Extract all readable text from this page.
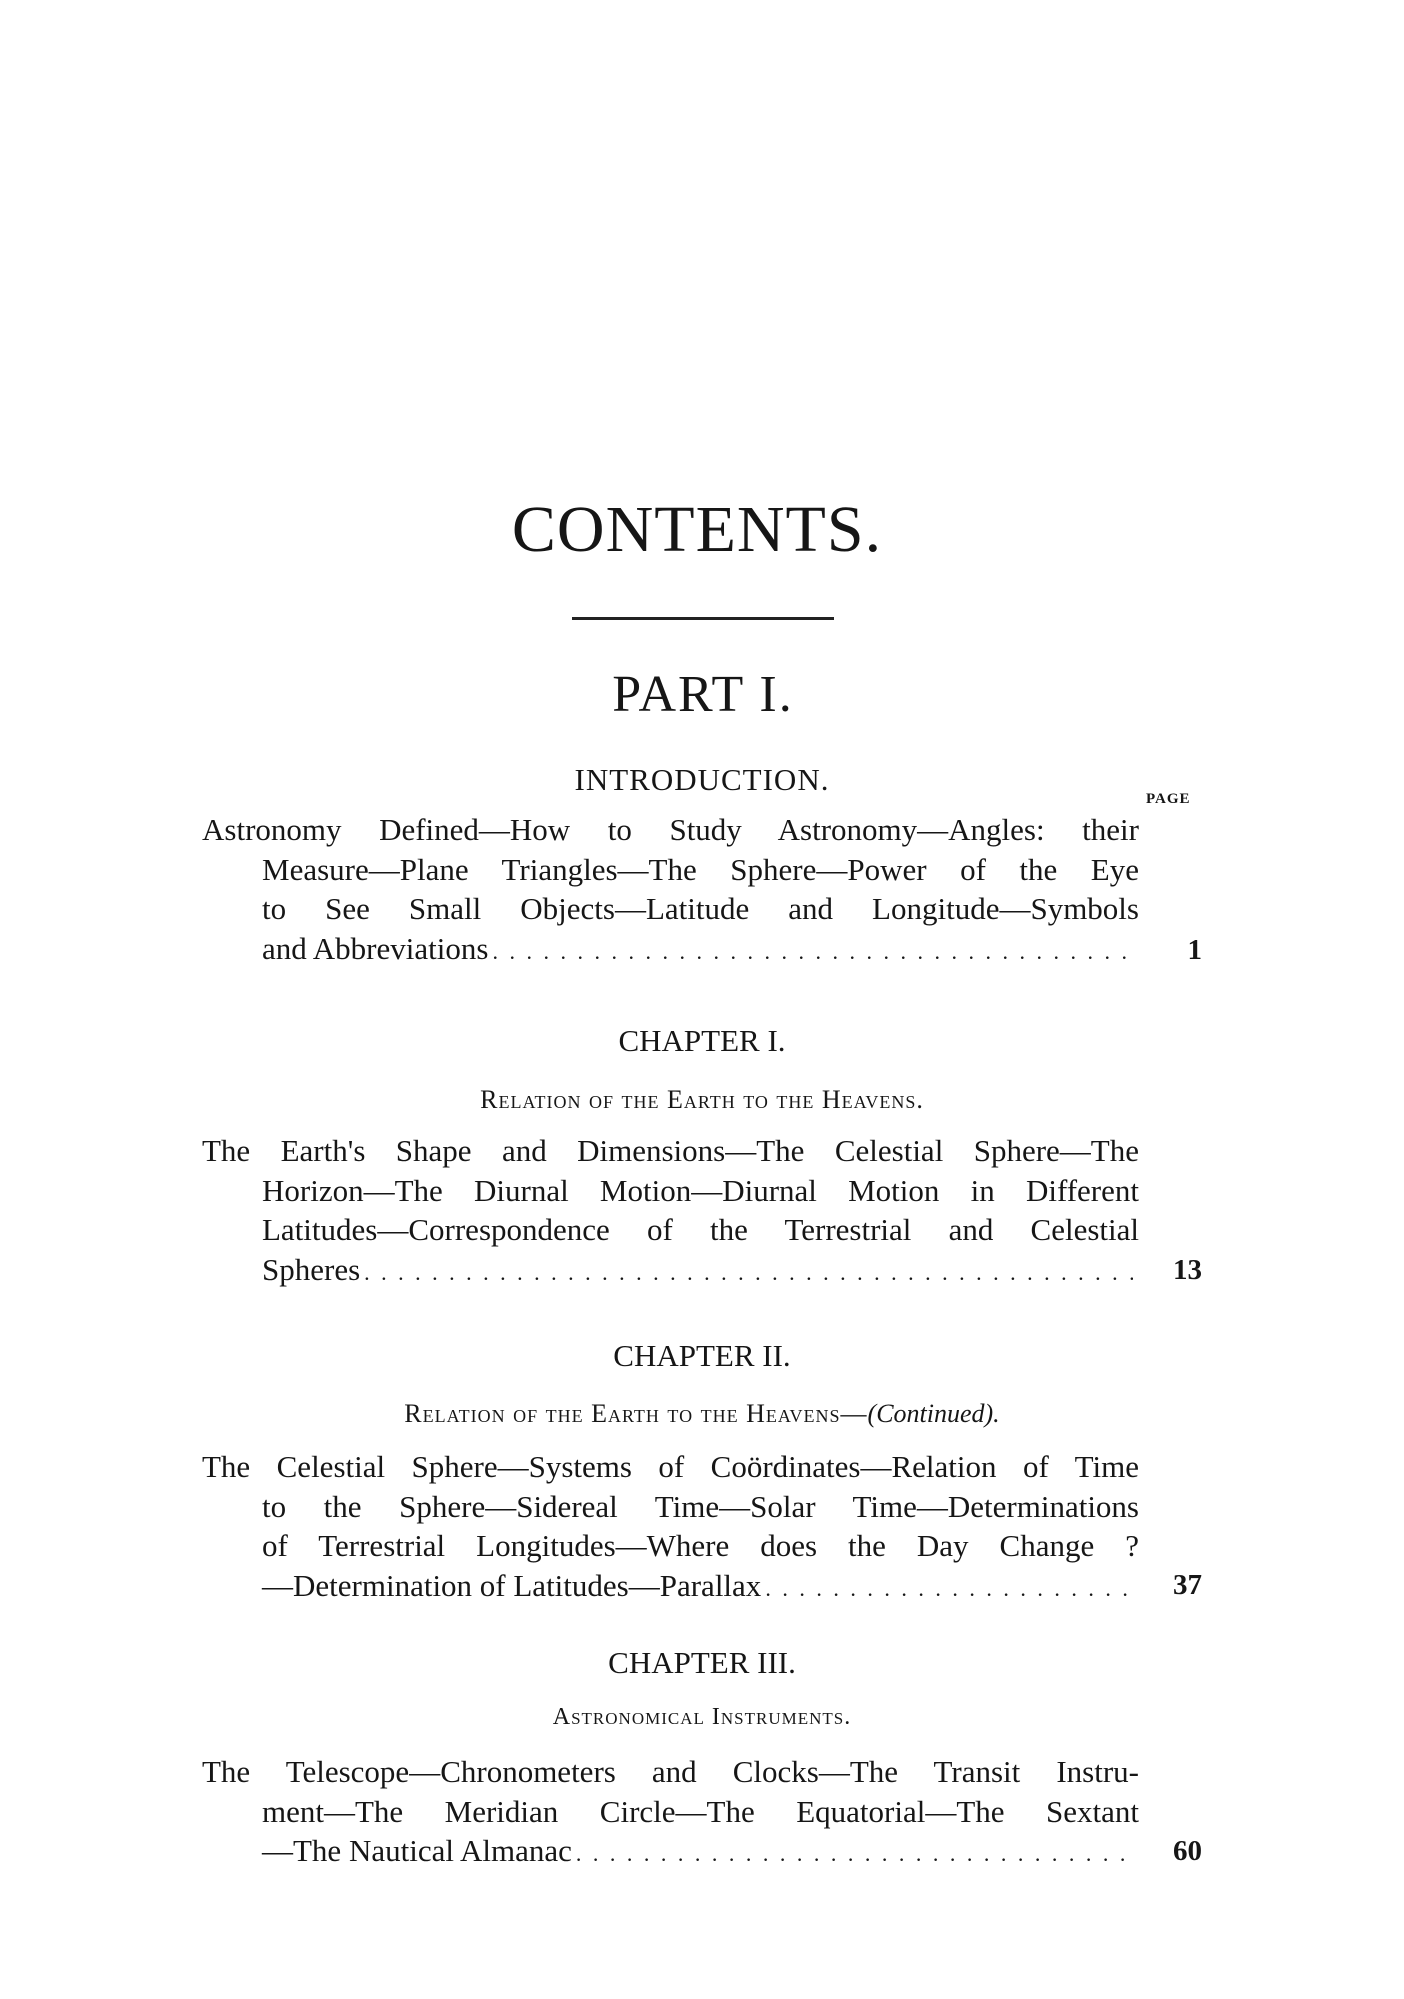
CONTENTS.
PART I.
INTRODUCTION.
PAGE
Astronomy Defined—How to Study Astronomy—Angles: their
Measure—Plane Triangles—The Sphere—Power of the Eye
to See Small Objects—Latitude and Longitude—Symbols
and Abbreviations . . .	1
CHAPTER I.
Relation of the Earth to the Heavens.
The Earth's Shape and Dimensions—The Celestial Sphere—The
Horizon—The Diurnal Motion—Diurnal Motion in Different
Latitudes—Correspondence of the Terrestrial and Celestial
Spheres . . .	13
CHAPTER II.
Relation of the Earth to the Heavens—(Continued).
The Celestial Sphere—Systems of Coördinates—Relation of Time
to the Sphere—Sidereal Time—Solar Time—Determinations
of Terrestrial Longitudes—Where does the Day Change ?
—Determination of Latitudes—Parallax . . .	37
CHAPTER III.
Astronomical Instruments.
The Telescope—Chronometers and Clocks—The Transit Instru-
ment—The Meridian Circle—The Equatorial—The Sextant
—The Nautical Almanac . . .	60
